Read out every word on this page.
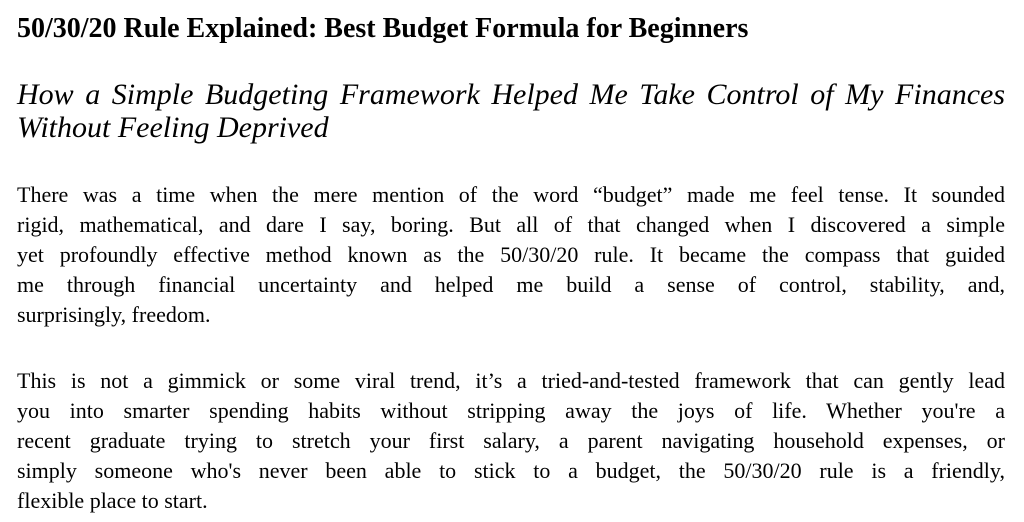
50/30/20 Rule Explained: Best Budget Formula for Beginners
How a Simple Budgeting Framework Helped Me Take Control of My Finances
Without Feeling Deprived
There was a time when the mere mention of the word “budget” made me feel tense. It sounded
rigid, mathematical, and dare I say, boring. But all of that changed when I discovered a simple
yet profoundly effective method known as the 50/30/20 rule. It became the compass that guided
me through financial uncertainty and helped me build a sense of control, stability, and,
surprisingly, freedom.
This is not a gimmick or some viral trend, it’s a tried-and-tested framework that can gently lead
you into smarter spending habits without stripping away the joys of life. Whether you're a
recent graduate trying to stretch your first salary, a parent navigating household expenses, or
simply someone who's never been able to stick to a budget, the 50/30/20 rule is a friendly,
flexible place to start.
